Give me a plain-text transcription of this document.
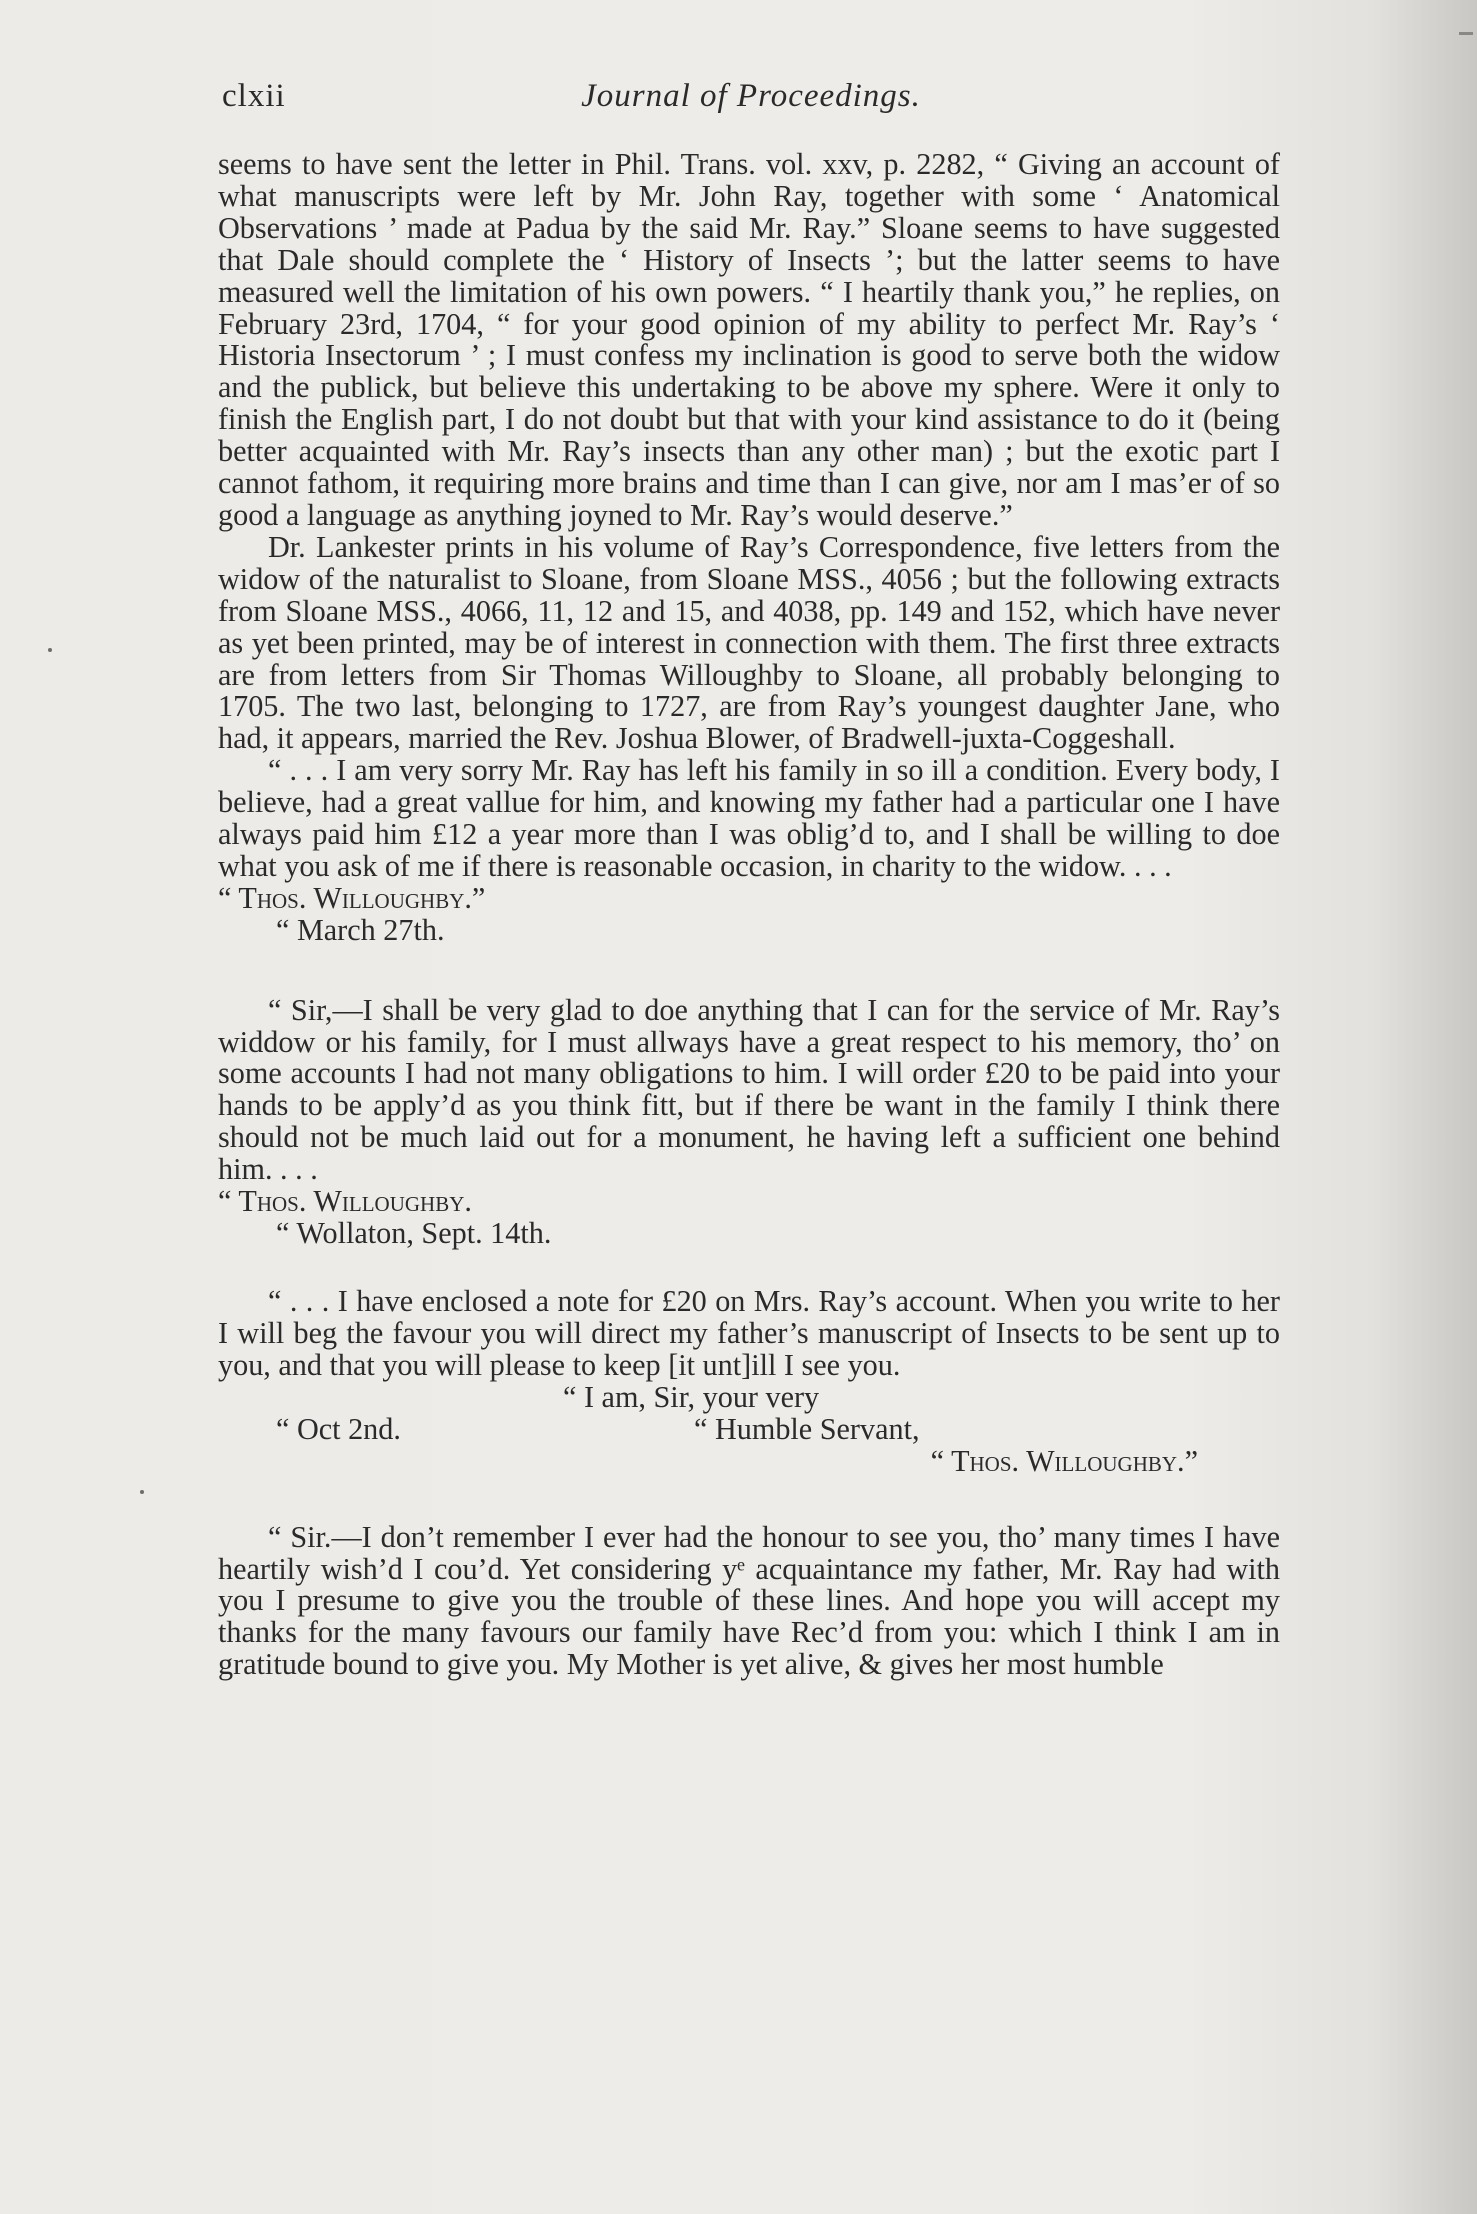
clxii	Journal of Proceedings.

seems to have sent the letter in Phil. Trans. vol. xxv, p. 2282, “ Giving an account of what manuscripts were left by Mr. John Ray, together with some ‘ Anatomical Observations ’ made at Padua by the said Mr. Ray.” Sloane seems to have suggested that Dale should complete the ‘ History of Insects ’; but the latter seems to have measured well the limitation of his own powers. “ I heartily thank you,” he replies, on February 23rd, 1704, “ for your good opinion of my ability to perfect Mr. Ray’s ‘ Historia Insectorum ’ ; I must confess my inclination is good to serve both the widow and the publick, but believe this undertaking to be above my sphere. Were it only to finish the English part, I do not doubt but that with your kind assistance to do it (being better acquainted with Mr. Ray’s insects than any other man) ; but the exotic part I cannot fathom, it requiring more brains and time than I can give, nor am I mas’er of so good a language as anything joyned to Mr. Ray’s would deserve.”

Dr. Lankester prints in his volume of Ray’s Correspondence, five letters from the widow of the naturalist to Sloane, from Sloane MSS., 4056 ; but the following extracts from Sloane MSS., 4066, 11, 12 and 15, and 4038, pp. 149 and 152, which have never as yet been printed, may be of interest in connection with them. The first three extracts are from letters from Sir Thomas Willoughby to Sloane, all probably belonging to 1705. The two last, belonging to 1727, are from Ray’s youngest daughter Jane, who had, it appears, married the Rev. Joshua Blower, of Bradwell-juxta-Coggeshall.

“ . . . I am very sorry Mr. Ray has left his family in so ill a condition. Every body, I believe, had a great vallue for him, and knowing my father had a particular one I have always paid him £12 a year more than I was oblig’d to, and I shall be willing to doe what you ask of me if there is reasonable occasion, in charity to the widow. . . .

“ Thos. Willoughby.”

“ March 27th.

“ Sir,—I shall be very glad to doe anything that I can for the service of Mr. Ray’s widdow or his family, for I must allways have a great respect to his memory, tho’ on some accounts I had not many obligations to him. I will order £20 to be paid into your hands to be apply’d as you think fitt, but if there be want in the family I think there should not be much laid out for a monument, he having left a sufficient one behind him. . . .

“ Thos. Willoughby.

“ Wollaton, Sept. 14th.

“ . . . I have enclosed a note for £20 on Mrs. Ray’s account. When you write to her I will beg the favour you will direct my father’s manuscript of Insects to be sent up to you, and that you will please to keep [it unt]ill I see you.

“ I am, Sir, your very
“ Oct 2nd.	“ Humble Servant,
“ Thos. Willoughby.”

“ Sir.—I don’t remember I ever had the honour to see you, tho’ many times I have heartily wish’d I cou’d. Yet considering yᵉ acquaintance my father, Mr. Ray had with you I presume to give you the trouble of these lines. And hope you will accept my thanks for the many favours our family have Rec’d from you: which I think I am in gratitude bound to give you. My Mother is yet alive, & gives her most humble
